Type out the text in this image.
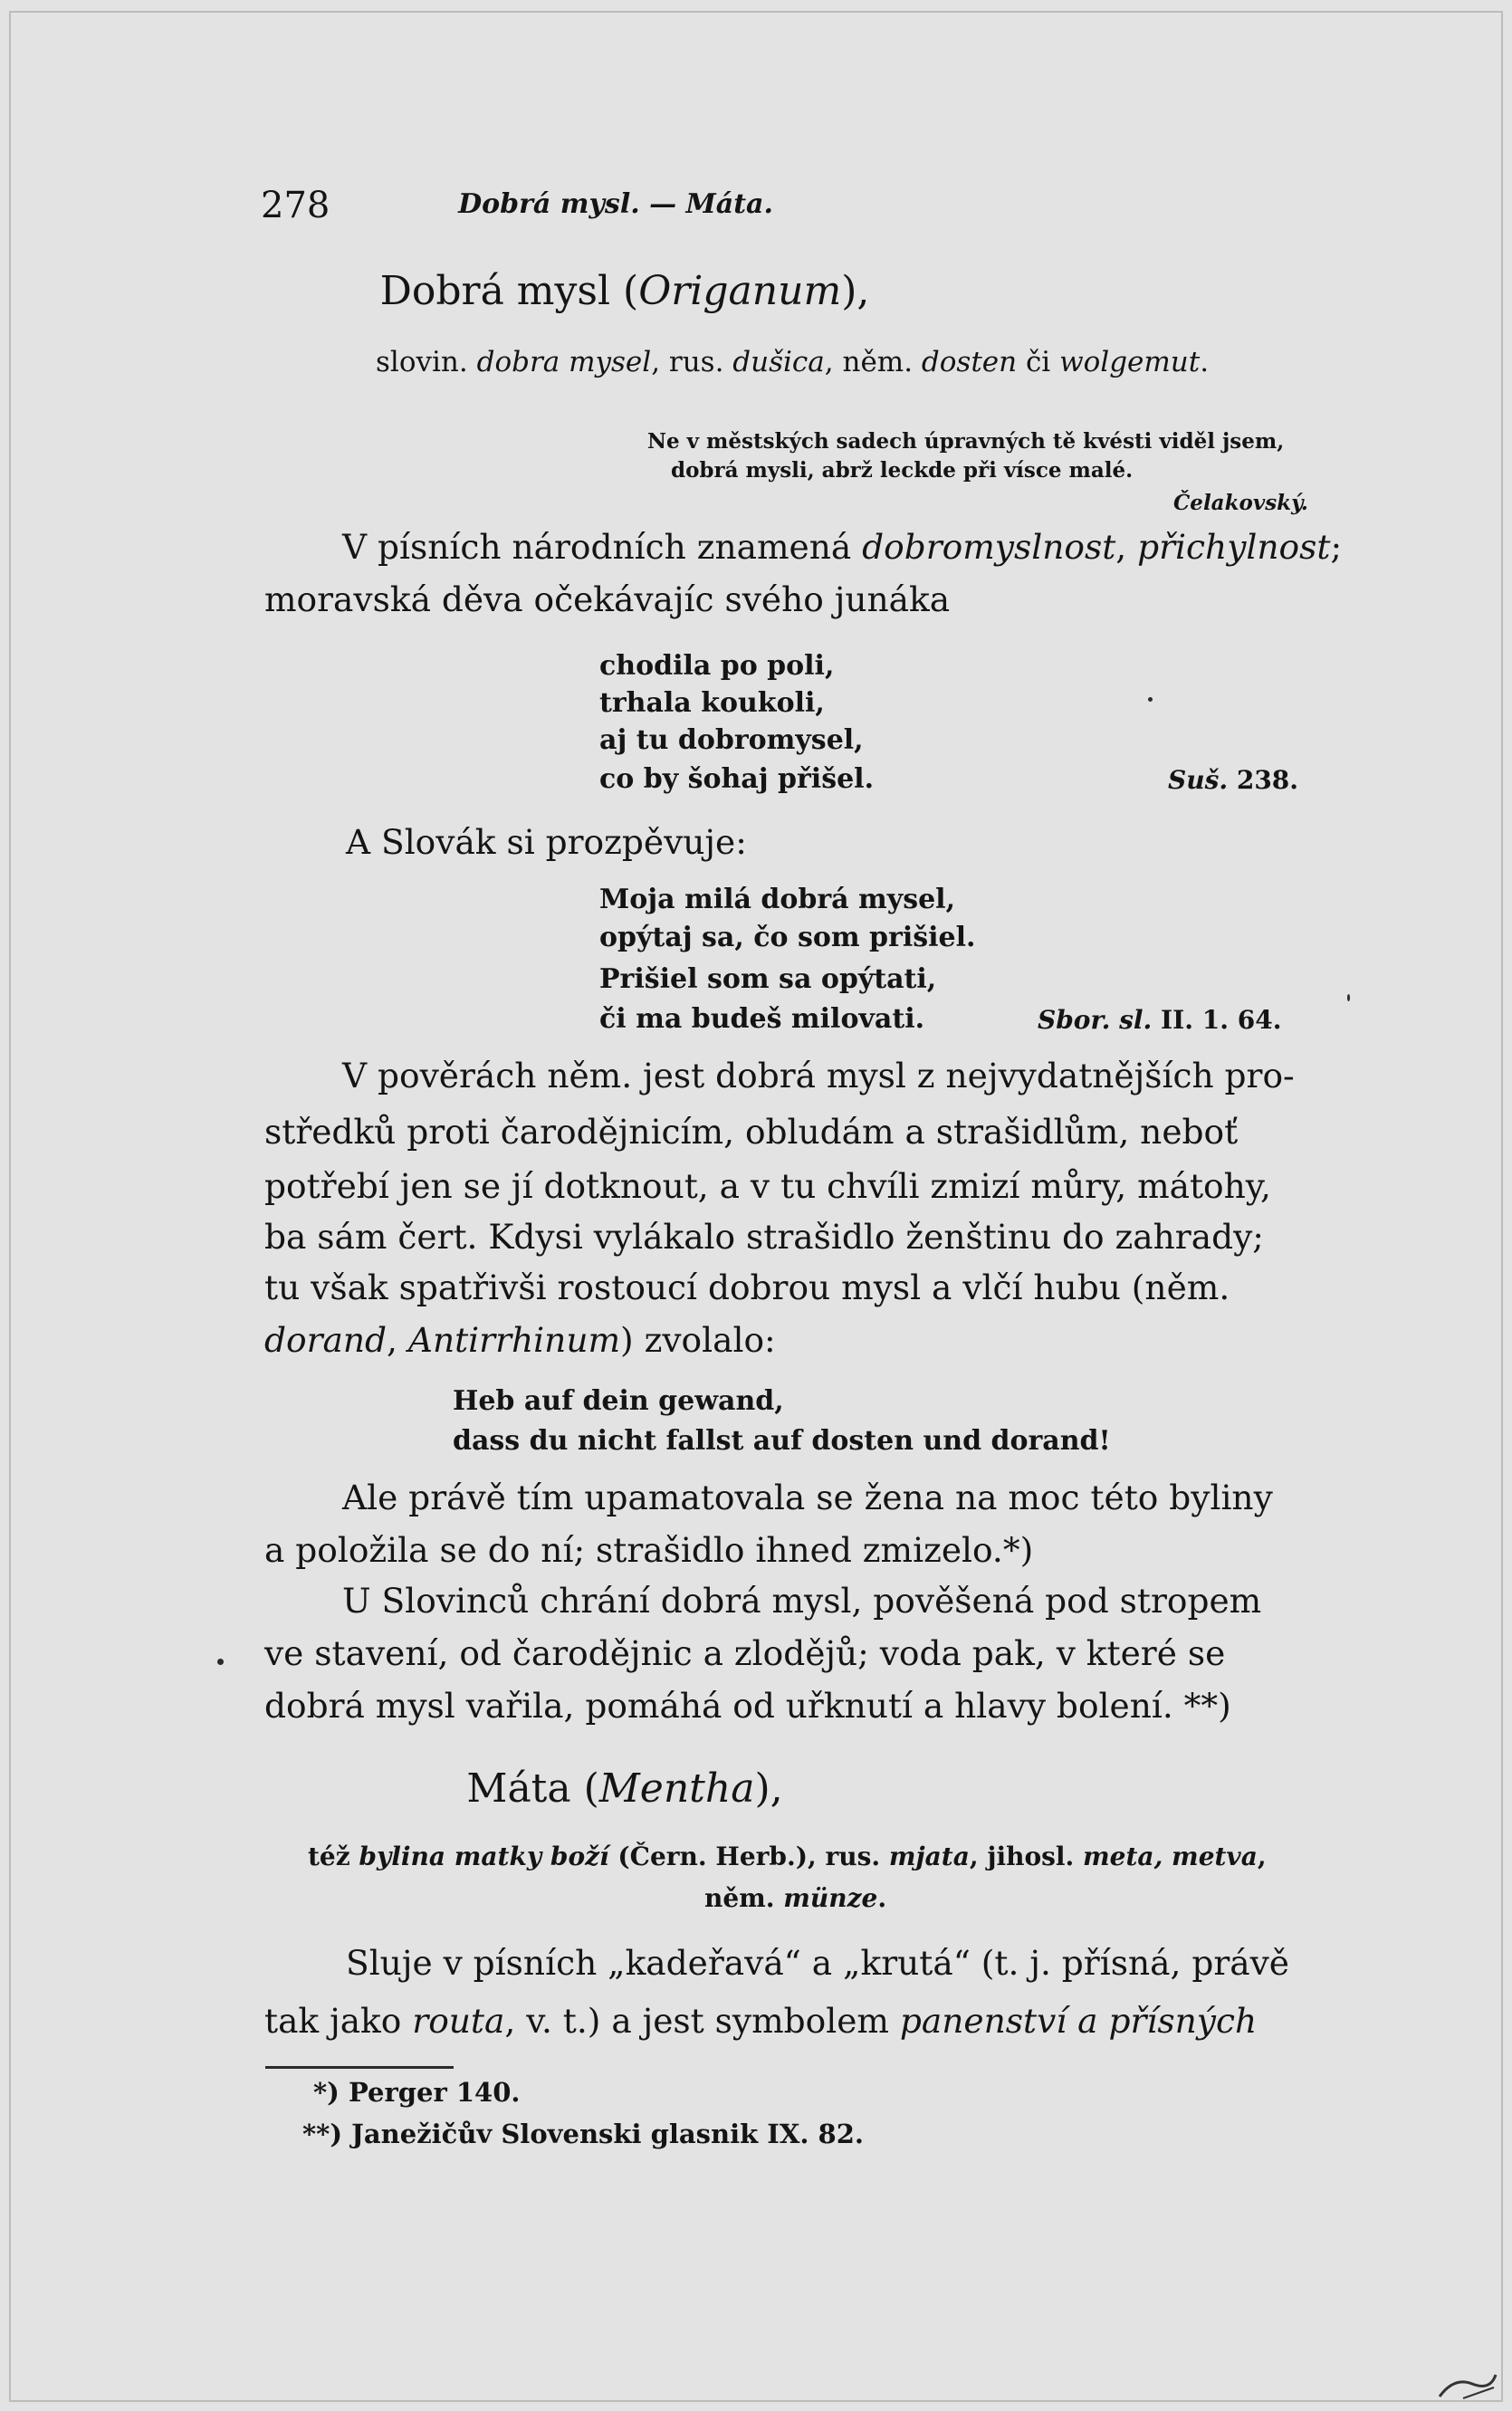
278	Dobrá mysl. — Máta.
Dobrá mysl (Origanum),
slovin. dobra mysel, rus. dušica, něm. dosten či wolgemut.
Ne v městských sadech úpravných tě kvésti viděl jsem,
dobrá mysli, abrž leckde při vísce malé.
Čelakovský.
V písních národních znamená dobromyslnost, přichylnost;
moravská děva očekávajíc svého junáka
chodila po poli,
trhala koukoli,
aj tu dobromysel,
co by šohaj přišel.	Suš. 238.
A Slovák si prozpěvuje:
Moja milá dobrá mysel,
opýtaj sa, čo som prišiel.
Prišiel som sa opýtati,
či ma budeš milovati.	Sbor. sl. II. 1. 64.
V pověrách něm. jest dobrá mysl z nejvydatnějších pro-
středků proti čarodějnicím, obludám a strašidlům, neboť
potřebí jen se jí dotknout, a v tu chvíli zmizí můry, mátohy,
ba sám čert. Kdysi vylákalo strašidlo ženštinu do zahrady;
tu však spatřivši rostoucí dobrou mysl a vlčí hubu (něm.
dorand, Antirrhinum) zvolalo:
Heb auf dein gewand,
dass du nicht fallst auf dosten und dorand!
Ale právě tím upamatovala se žena na moc této byliny
a položila se do ní; strašidlo ihned zmizelo.*)
U Slovinců chrání dobrá mysl, pověšená pod stropem
ve stavení, od čarodějnic a zlodějů; voda pak, v které se
dobrá mysl vařila, pomáhá od uřknutí a hlavy bolení. **)
Máta (Mentha),
též bylina matky boží (Čern. Herb.), rus. mjata, jihosl. meta, metva,
něm. münze.
Sluje v písních „kadeřavá“ a „krutá“ (t. j. přísná, právě
tak jako routa, v. t.) a jest symbolem panenství a přísných
*) Perger 140.
**) Janežičův Slovenski glasnik IX. 82.
